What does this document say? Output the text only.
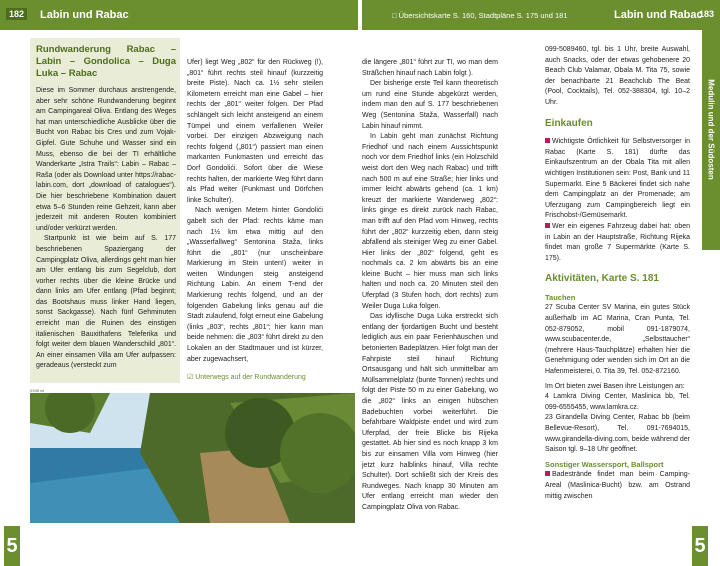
182 Labin und Rabac	□ Übersichtskarte S. 160, Stadtpläne S. 175 und 181	Labin und Rabac
183
Medulin und der Südosten
5	5
Rundwanderung Rabac – Labin – Gondolica – Duga Luka – Rabac

Diese im Sommer durchaus anstrengende, aber sehr schöne Rundwanderung beginnt am Campingareal Oliva. Entlang des Weges hat man unterschiedliche Ausblicke über die Bucht von Rabac bis Cres und zum Vojak-Gipfel. Gute Schuhe und Wasser sind ein Muss, ebenso die bei der TI erhältliche Wanderkarte „Istra Trails“: Labin – Rabac – Raša (oder als Download unter https://rabac-labin.com, dort „download of catalogues“). Die hier beschriebene Kombination dauert etwa 5–6 Stunden reine Gehzeit, kann aber jederzeit mit anderen Routen kombiniert und/oder verkürzt werden.

Startpunkt ist wie beim auf S. 177 beschriebenen Spaziergang der Campingplatz Oliva, allerdings geht man hier am Ufer entlang bis zum Segelclub, dort vorher rechts über die kleine Brücke und dann links am Ufer entlang (Pfad beginnt; das Bootshaus muss linker Hand liegen, sonst Sackgasse). Nach fünf Gehminuten erreicht man die Ruinen des einstigen italienischen Bauxithafens Teleferika und folgt weiter dem blauen Wanderschild „801“. An einer einsamen Villa am Ufer aufpassen: geradeaus (versteckt zum

Ufer) liegt Weg „802“ für den Rückweg (!), „801“ führt rechts steil hinauf (kurzzeitig breite Piste). Nach ca. 1½ sehr steilen Kilometern erreicht man eine Gabel – hier rechts der „801“ weiter folgen. Der Pfad schlängelt sich leicht ansteigend an einem Tümpel und einem verfallenen Weiler vorbei. Der einzigen Abzweigung nach rechts folgend („801“) passiert man einen markanten Funkmasten und erreicht das Dorf Gondolići. Sofort über die Wiese rechts halten, der markierte Weg führt dann als Pfad weiter (Funkmast und Dörfchen linke Schulter).

Nach wenigen Metern hinter Gondolići gabelt sich der Pfad: rechts käme man nach 1½ km etwa mittig auf den „Wasserfallweg“ Sentonina Staža, links führt die „801“ (nur unscheinbare Markierung im Stein unten!) weiter in weiten Windungen steig ansteigend Richtung Labin. An einem T-end der Markierung rechts folgend, und an der folgenden Gabelung links genau auf die Stadt zulaufend, folgt erneut eine Gabelung (links „803“, rechts „801“; hier kann man beide nehmen: die „803“ führt direkt zu den Lokalen an der Stadtmauer und ist kürzer, aber zugewachsert,

☑ Unterwegs auf der Rundwanderung

0398 ml

die längere „801“ führt zur TI, wo man dem Sträßchen hinauf nach Labin folgt ).

Der bisherige erste Teil kann theoretisch um rund eine Stunde abgekürzt werden, indem man den auf S. 177 beschriebenen Weg (Sentonina Staža, Wasserfall) nach Labin hinauf nimmt.

In Labin geht man zunächst Richtung Friedhof und nach einem Aussichtspunkt noch vor dem Friedhof links (ein Holzschild weist dort den Weg nach Rabac) und trifft nach 500 m auf eine Straße; hier links und immer leicht abwärts gehend (ca. 1 km) kreuzt der markierte Wanderweg „802“: links ginge es direkt zurück nach Rabac, man trifft auf den Pfad vom Hinweg, rechts führt der „802“ kurzzeitig eben, dann steig abfallend als steiniger Weg zu einer Gabel. Hier links der „802“ folgend, geht es nochmals ca. 2 km abwärts bis an eine kleine Bucht – hier muss man sich links halten und noch ca. 20 Minuten steil den Uferpfad (3 Stufen hoch, dort rechts) zum Weiler Duga Luka folgen.

Das idyllische Duga Luka erstreckt sich entlang der fjordartigen Bucht und besteht lediglich aus ein paar Ferienhäuschen und betonierten Badeplätzen. Hier folgt man der Fahrpiste steil hinauf Richtung Ortsausgang und hält sich unmittelbar am Müllsammelplatz (bunte Tonnen) rechts und folgt der Piste 50 m zu einer Gabelung, wo die „802“ links an einigen hübschen Badebuchten vorbei weiterführt. Die befahrbare Waldpiste endet und wird zum Uferpfad, der freie Blicke bis Rijeka gestattet. Ab hier sind es noch knapp 3 km bis zur einsamen Villa vom Hinweg (hier jetzt kurz halblinks hinauf, Villa rechte Schulter). Dort schließt sich der Kreis des Rundweges. Nach knapp 30 Minuten am Ufer entlang erreicht man wieder den Campingplatz Oliva von Rabac.

099-5089460, tgl. bis 1 Uhr, breite Auswahl, auch Snacks, oder der etwas gehobenere 20 Beach Club Valamar, Obala M. Tita 75, sowie der benachbarte 21 Beachclub The Beat (Pool, Cocktails), Tel. 052-388304, tgl. 10–2 Uhr.

Einkaufen

Wichtigste Örtlichkeit für Selbstversorger in Rabac (Karte S. 181) dürfte das Einkaufszentrum an der Obala Tita mit allen wichtigen Institutionen sein: Post, Bank und 11 Supermarkt. Eine 5 Bäckerei findet sich nahe dem Campingplatz an der Promenade; am Uferzugang zum Campingbereich liegt ein Frischobst-/Gemüsemarkt.

Wer ein eigenes Fahrzeug dabei hat: oben in Labin an der Hauptstraße, Richtung Rijeka findet man große 7 Supermärkte (Karte S. 175).

Aktivitäten, Karte S. 181
Tauchen

27 Scuba Center SV Marina, ein gutes Stück außerhalb im AC Marina, Cran Punta, Tel. 052-879052, mobil 091-1879074, www.scubacenter.de, „Selbsttaucher“ (mehrere Haus-Tauchplätze) erhalten hier die Genehmigung oder wenden sich im Ort an die Hafenmeisterei, 0. Tita 39, Tel. 052-872160.

Im Ort bieten zwei Basen ihre Leistungen an:

4 Lamkra Diving Center, Maslinica bb, Tel. 099-6555455, www.lamkra.cz.

23 Girandella Diving Center, Rabac bb (beim Bellevue-Resort), Tel. 091-7694015, www.girandella-diving.com, beide während der Saison tgl. 9–18 Uhr geöffnet.

Sonstiger Wassersport, Ballsport

Badestrände findet man beim Camping-Areal (Maslinica-Bucht) bzw. am Ostrand mittig zwischen
